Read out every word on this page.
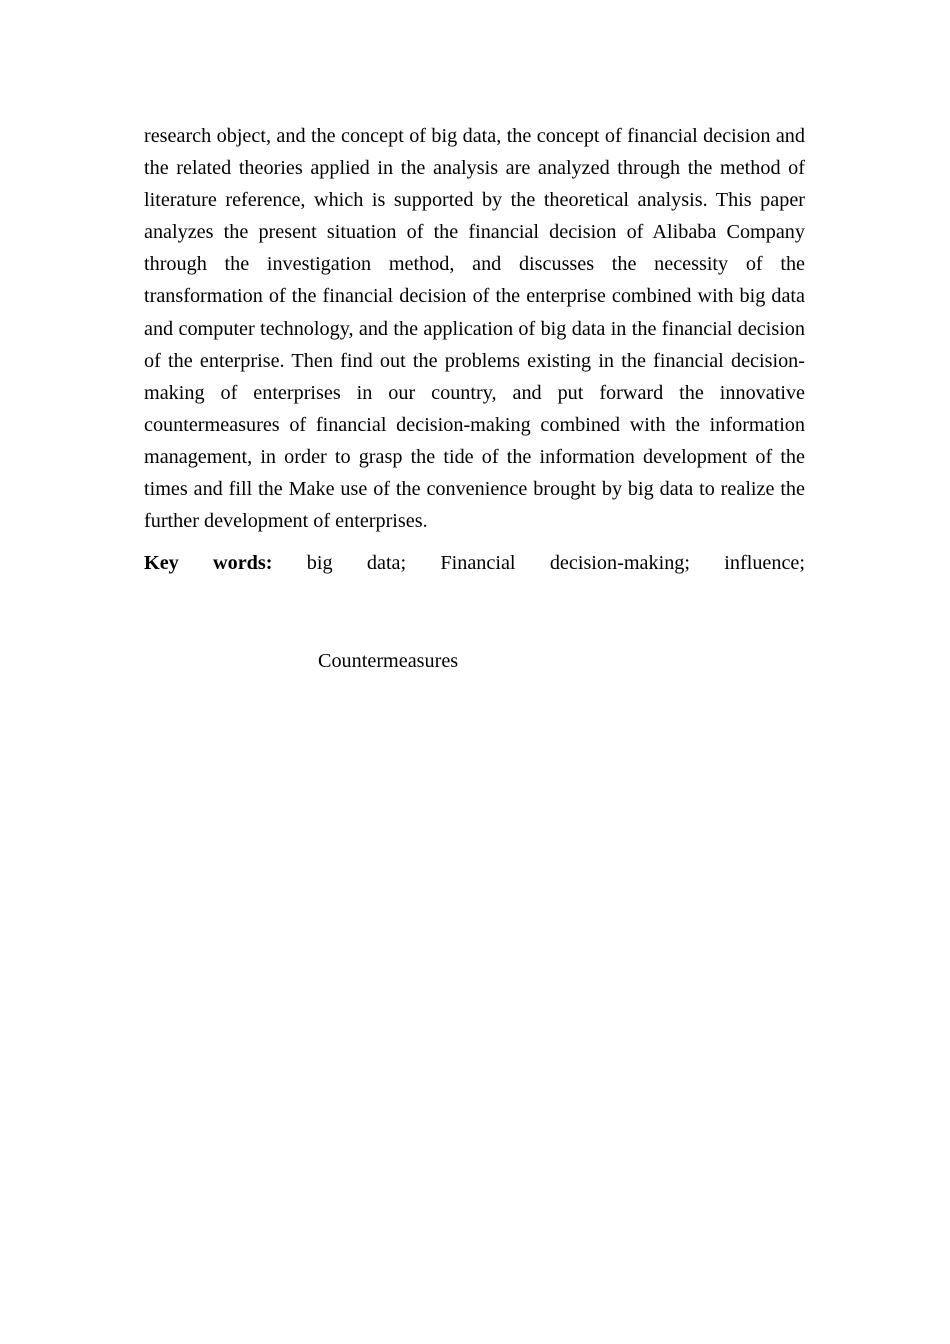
research object, and the concept of big data, the concept of financial decision and the related theories applied in the analysis are analyzed through the method of literature reference, which is supported by the theoretical analysis. This paper analyzes the present situation of the financial decision of Alibaba Company through the investigation method, and discusses the necessity of the transformation of the financial decision of the enterprise combined with big data and computer technology, and the application of big data in the financial decision of the enterprise. Then find out the problems existing in the financial decision-making of enterprises in our country, and put forward the innovative countermeasures of financial decision-making combined with the information management, in order to grasp the tide of the information development of the times and fill the Make use of the convenience brought by big data to realize the further development of enterprises.

Key words: big data; Financial decision-making; influence;

Countermeasures
